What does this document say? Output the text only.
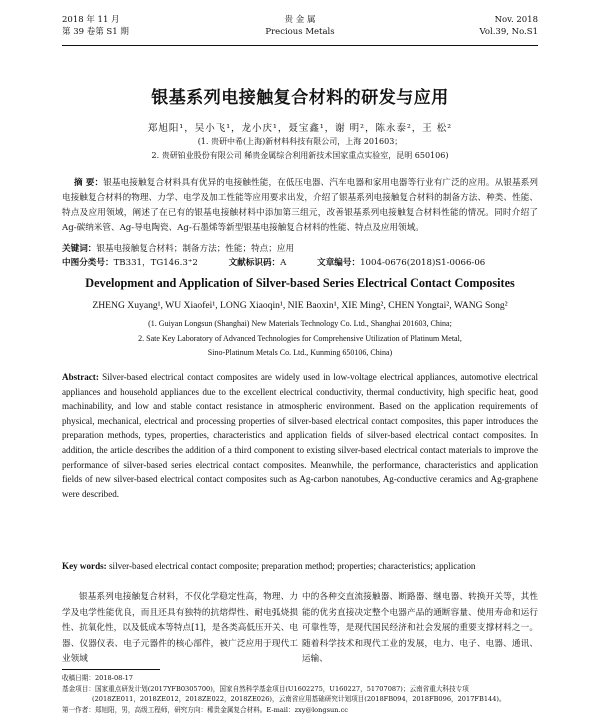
2018 年 11 月
第 39 卷第 S1 期
贵 金 属
Precious Metals
Nov. 2018
Vol.39, No.S1
银基系列电接触复合材料的研发与应用
郑旭阳¹，吴小飞¹，龙小庆¹，聂宝鑫¹，谢 明²，陈永泰²，王 松²
(1. 贵研中希(上海)新材料科技有限公司，上海 201603；
2. 贵研铂业股份有限公司 稀贵金属综合利用新技术国家重点实验室，昆明 650106)
摘 要：银基电接触复合材料具有优异的电接触性能，在低压电器、汽车电器和家用电器等行业有广泛的应用。从银基系列电接触复合材料的物理、力学、电学及加工性能等应用要求出发，介绍了银基系列电接触复合材料的制备方法、种类、性能、特点及应用领域，阐述了在已有的银基电接触材料中添加第三组元，改善银基系列电接触复合材料性能的情况。同时介绍了 Ag-碳纳米管、Ag-导电陶瓷、Ag-石墨烯等新型银基电接触复合材料的性能、特点及应用领域。
关键词：银基电接触复合材料；制备方法；性能；特点；应用
中图分类号：TB331，TG146.3⁺2	文献标识码：A	文章编号：1004-0676(2018)S1-0066-06
Development and Application of Silver-based Series Electrical Contact Composites
ZHENG Xuyang¹, WU Xiaofei¹, LONG Xiaoqin¹, NIE Baoxin¹, XIE Ming², CHEN Yongtai², WANG Song²
(1. Guiyan Longsun (Shanghai) New Materials Technology Co. Ltd., Shanghai 201603, China;
2. Sate Key Laboratory of Advanced Technologies for Comprehensive Utilization of Platinum Metal,
Sino-Platinum Metals Co. Ltd., Kunming 650106, China)
Abstract: Silver-based electrical contact composites are widely used in low-voltage electrical appliances, automotive electrical appliances and household appliances due to the excellent electrical conductivity, thermal conductivity, high specific heat, good machinability, and low and stable contact resistance in atmospheric environment. Based on the application requirements of physical, mechanical, electrical and processing properties of silver-based electrical contact composites, this paper introduces the preparation methods, types, properties, characteristics and application fields of silver-based electrical contact composites. In addition, the article describes the addition of a third component to existing silver-based electrical contact materials to improve the performance of silver-based series electrical contact composites. Meanwhile, the performance, characteristics and application fields of new silver-based electrical contact composites such as Ag-carbon nanotubes, Ag-conductive ceramics and Ag-graphene were described.
Key words: silver-based electrical contact composite; preparation method; properties; characteristics; application
银基系列电接触复合材料，不仅化学稳定性高，物理、力学及电学性能优良，而且还具有独特的抗熔焊性、耐电弧烧损性、抗氧化性，以及低成本等特点[1]，是各类高低压开关、电器、仪器仪表、电子元器件的核心部件，被广泛应用于现代工业领域
中的各种交直流接触器、断路器、继电器、转换开关等，其性能的优劣直接决定整个电器产品的通断容量、使用寿命和运行可靠性等，是现代国民经济和社会发展的重要支撑材料之一。随着科学技术和现代工业的发展，电力、电子、电器、通讯、运输、
收稿日期：2018-08-17
基金项目：国家重点研发计划(2017YFB0305700)，国家自然科学基金项目(U1602275，U160227，51707087)；云南省重大科技专项
(2018ZE011，2018ZE012，2018ZE022，2018ZE026)，云南省应用基础研究计划项目(2018FB094，2018FB096，2017FB144)。
第一作者：郑旭阳，男，高级工程师，研究方向：稀贵金属复合材料。E-mail：zxy@longsun.cc
